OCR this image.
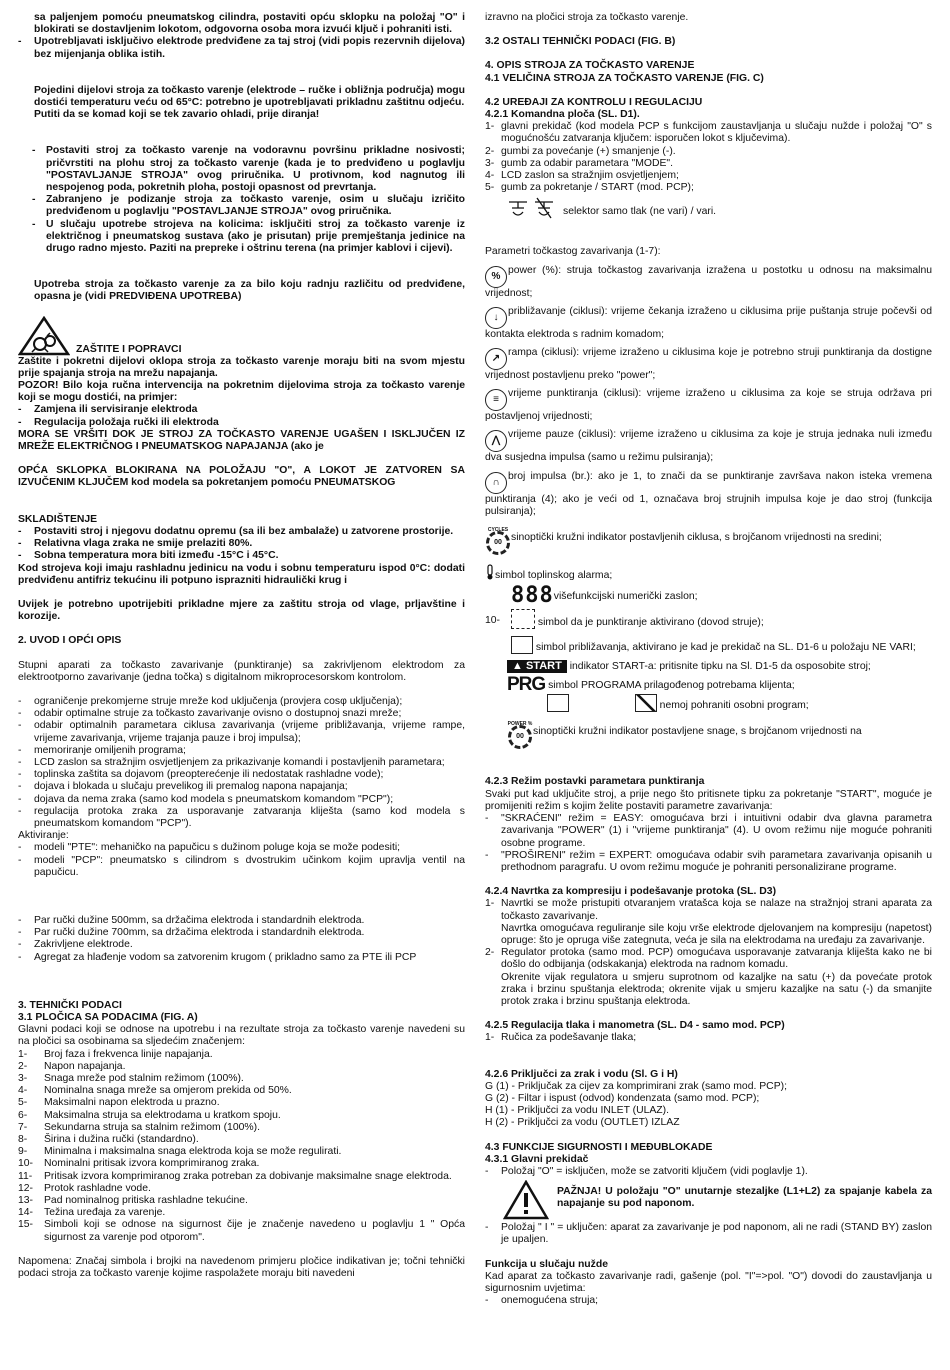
sa paljenjem pomoću pneumatskog cilindra, postaviti opću sklopku na položaj "O" i blokirati se dostavljenim lokotom, odgovorna osoba mora izvući ključ i pohraniti isti.
- Upotrebljavati isključivo elektrode predviđene za taj stroj (vidi popis rezervnih dijelova) bez mijenjanja oblika istih.
Pojedini dijelovi stroja za točkasto varenje (elektrode – ručke i obližnja područja) mogu dostići temperaturu veću od 65°C: potrebno je upotrebljavati prikladnu zaštitnu odjeću.
Putiti da se komad koji se tek zavario ohladi, prije diranja!
- Postaviti stroj za točkasto varenje na vodoravnu površinu prikladne nosivosti; pričvrstiti na plohu stroj za točkasto varenje (kada je to predviđeno u poglavlju "POSTAVLJANJE STROJA" ovog priručnika. U protivnom, kod nagnutog ili nespojenog poda, pokretnih ploha, postoji opasnost od prevrtanja.
- Zabranjeno je podizanje stroja za točkasto varenje, osim u slučaju izričito predviđenom u poglavlju "POSTAVLJANJE STROJA" ovog priručnika.
- U slučaju upotrebe strojeva na kolicima: isključiti stroj za točkasto varenje iz električnog i pneumatskog sustava (ako je prisutan) prije premještanja jedinice na drugo radno mjesto. Paziti na prepreke i oštrinu terena (na primjer kablovi i cijevi).
Upotreba stroja za točkasto varenje za za bilo koju radnju različitu od predviđene, opasna je (vidi PREDVIĐENA UPOTREBA)
ZAŠTITE I POPRAVCI
Zaštite i pokretni dijelovi oklopa stroja za točkasto varenje moraju biti na svom mjestu prije spajanja stroja na mrežu napajanja.
POZOR! Bilo koja ručna intervencija na pokretnim dijelovima stroja za točkasto varenje koji se mogu dostići, na primjer:
- Zamjena ili servisiranje elektroda
- Regulacija položaja ručki ili elektroda
MORA SE VRŠITI DOK JE STROJ ZA TOČKASTO VARENJE UGAŠEN I ISKLJUČEN IZ MREŽE ELEKTRIČNOG I PNEUMATSKOG NAPAJANJA (ako je
OPĆA SKLOPKA BLOKIRANA NA POLOŽAJU "O", A LOKOT JE ZATVOREN SA IZVUČENIM KLJUČEM kod modela sa pokretanjem pomoću PNEUMATSKOG
SKLADIŠTENJE
- Postaviti stroj i njegovu dodatnu opremu (sa ili bez ambalaže) u zatvorene prostorije.
- Relativna vlaga zraka ne smije prelaziti 80%.
- Sobna temperatura mora biti između -15°C i 45°C.
Kod strojeva koji imaju rashladnu jedinicu na vodu i sobnu temperaturu ispod 0°C: dodati predviđenu antifriz tekućinu ili potpuno isprazniti hidraulički krug i
Uvijek je potrebno upotrijebiti prikladne mjere za zaštitu stroja od vlage, prljavštine i korozije.
2. UVOD I OPĆI OPIS
Stupni aparati za točkasto zavarivanje (punktiranje) sa zakrivljenom elektrodom za elektrootporno zavarivanje (jedna točka) s digitalnom mikroprocesorskom kontrolom.
- ograničenje prekomjerne struje mreže kod uključenja (provjera cosφ uključenja);
- odabir optimalne struje za točkasto zavarivanje ovisno o dostupnoj snazi mreže;
- odabir optimalnih parametara ciklusa zavarivanja (vrijeme približavanja, vrijeme rampe, vrijeme zavarivanja, vrijeme trajanja pauze i broj impulsa);
- memoriranje omiljenih programa;
- LCD zaslon sa stražnjim osvjetljenjem za prikazivanje komandi i postavljenih parametara;
- toplinska zaštita sa dojavom (preopterećenje ili nedostatak rashladne vode);
- dojava i blokada u slučaju prevelikog ili premalog napona napajanja;
- dojava da nema zraka (samo kod modela s pneumatskom komandom "PCP");
- regulacija protoka zraka za usporavanje zatvaranja kliješta (samo kod modela s pneumatskom komandom "PCP").
Aktiviranje:
- modeli "PTE": mehaničko na papučicu s dužinom poluge koja se može podesiti;
- modeli "PCP": pneumatsko s cilindrom s dvostrukim učinkom kojim upravlja ventil na papučicu.
- Par ručki dužine 500mm, sa držačima elektroda i standardnih elektroda.
- Par ručki dužine 700mm, sa držačima elektroda i standardnih elektroda.
- Zakrivljene elektrode.
- Agregat za hlađenje vodom sa zatvorenim krugom ( prikladno samo za PTE ili PCP
3. TEHNIČKI PODACI
3.1 PLOČICA SA PODACIMA (FIG. A)
Glavni podaci koji se odnose na upotrebu i na rezultate stroja za točkasto varenje navedeni su na pločici sa osobinama sa sljedećim značenjem:
1- Broj faza i frekvenca linije napajanja.
2- Napon napajanja.
3- Snaga mreže pod stalnim režimom (100%).
4- Nominalna snaga mreže sa omjerom prekida od 50%.
5- Maksimalni napon elektroda u prazno.
6- Maksimalna struja sa elektrodama u kratkom spoju.
7- Sekundarna struja sa stalnim režimom (100%).
8- Širina i dužina ručki (standardno).
9- Minimalna i maksimalna snaga elektroda koja se može regulirati.
10- Nominalni pritisak izvora komprimiranog zraka.
11- Pritisak izvora komprimiranog zraka potreban za dobivanje maksimalne snage elektroda.
12- Protok rashladne vode.
13- Pad nominalnog pritiska rashladne tekućine.
14- Težina uređaja za varenje.
15- Simboli koji se odnose na sigurnost čije je značenje navedeno u poglavlju 1 " Opća sigurnost za varenje pod otporom".
Napomena: Značaj simbola i brojki na navedenom primjeru pločice indikativan je; točni tehnički podaci stroja za točkasto varenje kojime raspolažete moraju biti navedeni
izravno na pločici stroja za točkasto varenje.
3.2 OSTALI TEHNIČKI PODACI (FIG. B)
4. OPIS STROJA ZA TOČKASTO VARENJE
4.1 VELIČINA STROJA ZA TOČKASTO VARENJE (FIG. C)
4.2 UREĐAJI ZA KONTROLU I REGULACIJU
4.2.1 Komandna ploča (SL. D1).
1- glavni prekidač (kod modela PCP s funkcijom zaustavljanja u slučaju nužde i položaj "O" s mogućnošću zatvaranja ključem: isporučen lokot s ključevima).
2- gumbi za povećanje (+) smanjenje (-).
3- gumb za odabir parametara "MODE".
4- LCD zaslon sa stražnjim osvjetljenjem;
5- gumb za pokretanje / START (mod. PCP);
selektor samo tlak (ne vari) / vari.
Parametri točkastog zavarivanja (1-7):
%power (%): struja točkastog zavarivanja izražena u postotku u odnosu na maksimalnu vrijednost;
↓približavanje (ciklusi): vrijeme čekanja izraženo u ciklusima prije puštanja struje počevši od kontakta elektroda s radnim komadom;
↗rampa (ciklusi): vrijeme izraženo u ciklusima koje je potrebno struji punktiranja da dostigne vrijednost postavljenu preko "power";
≡vrijeme punktiranja (ciklusi): vrijeme izraženo u ciklusima za koje se struja održava pri postavljenoj vrijednosti;
⋀vrijeme pauze (ciklusi): vrijeme izraženo u ciklusima za koje je struja jednaka nuli između dva susjedna impulsa (samo u režimu pulsiranja);
∩broj impulsa (br.): ako je 1, to znači da se punktiranje završava nakon isteka vremena punktiranja (4); ako je veći od 1, označava broj strujnih impulsa koje je dao stroj (funkcija pulsiranja);
CYCLES
00 sinoptički kružni indikator postavljenih ciklusa, s brojčanom vrijednosti na sredini;
simbol toplinskog alarma;
888višefunkcijski numerički zaslon;
10-	simbol da je punktiranje aktivirano (dovod struje);
simbol približavanja, aktivirano je kad je prekidač na SL. D1-6 u položaju NE VARI;
▲ START indikator START-a: pritisnite tipku na Sl. D1-5 da osposobite stroj;
PRG simbol PROGRAMA prilagođenog potrebama klijenta;
nemoj pohraniti osobni program;
POWER %
00 sinoptički kružni indikator postavljene snage, s brojčanom vrijednosti na
4.2.3 Režim postavki parametara punktiranja
Svaki put kad uključite stroj, a prije nego što pritisnete tipku za pokretanje "START", moguće je promijeniti režim s kojim želite postaviti parametre zavarivanja:
- "SKRAĆENI" režim = EASY: omogućava brzi i intuitivni odabir dva glavna parametra zavarivanja "POWER" (1) i "vrijeme punktiranja" (4). U ovom režimu nije moguće pohraniti osobne programe.
- "PROŠIRENI" režim = EXPERT: omogućava odabir svih parametara zavarivanja opisanih u prethodnom paragrafu. U ovom režimu moguće je pohraniti personalizirane programe.
4.2.4 Navrtka za kompresiju i podešavanje protoka (SL. D3)
1- Navrtki se može pristupiti otvaranjem vratašca koja se nalaze na stražnjoj strani aparata za točkasto zavarivanje.
Navrtka omogućava reguliranje sile koju vrše elektrode djelovanjem na kompresiju (napetost) opruge: što je opruga više zategnuta, veća je sila na elektrodama na uređaju za zavarivanje.
2- Regulator protoka (samo mod. PCP) omogućava usporavanje zatvaranja kliješta kako ne bi došlo do odbijanja (odskakanja) elektroda na radnom komadu.
Okrenite vijak regulatora u smjeru suprotnom od kazaljke na satu (+) da povećate protok zraka i brzinu spuštanja elektroda; okrenite vijak u smjeru kazaljke na satu (-) da smanjite protok zraka i brzinu spuštanja elektroda.
4.2.5 Regulacija tlaka i manometra (SL. D4 - samo mod. PCP)
1- Ručica za podešavanje tlaka;
4.2.6 Priključci za zrak i vodu (Sl. G i H)
G (1) - Priključak za cijev za komprimirani zrak (samo mod. PCP);
G (2) - Filtar i ispust (odvod) kondenzata (samo mod. PCP);
H (1) - Priključci za vodu INLET (ULAZ).
H (2) - Priključci za vodu (OUTLET) IZLAZ
4.3 FUNKCIJE SIGURNOSTI I MEĐUBLOKADE
4.3.1 Glavni prekidač
- Položaj "O" = isključen, može se zatvoriti ključem (vidi poglavlje 1).
PAŽNJA! U položaju "O" unutarnje stezaljke (L1+L2) za spajanje kabela za napajanje su pod naponom.
- Položaj " I " = uključen: aparat za zavarivanje je pod naponom, ali ne radi (STAND BY) zaslon je upaljen.
Funkcija u slučaju nužde
Kad aparat za točkasto zavarivanje radi, gašenje (pol. "I"=>pol. "O") dovodi do zaustavljanja u sigurnosnim uvjetima:
- onemogućena struja;
